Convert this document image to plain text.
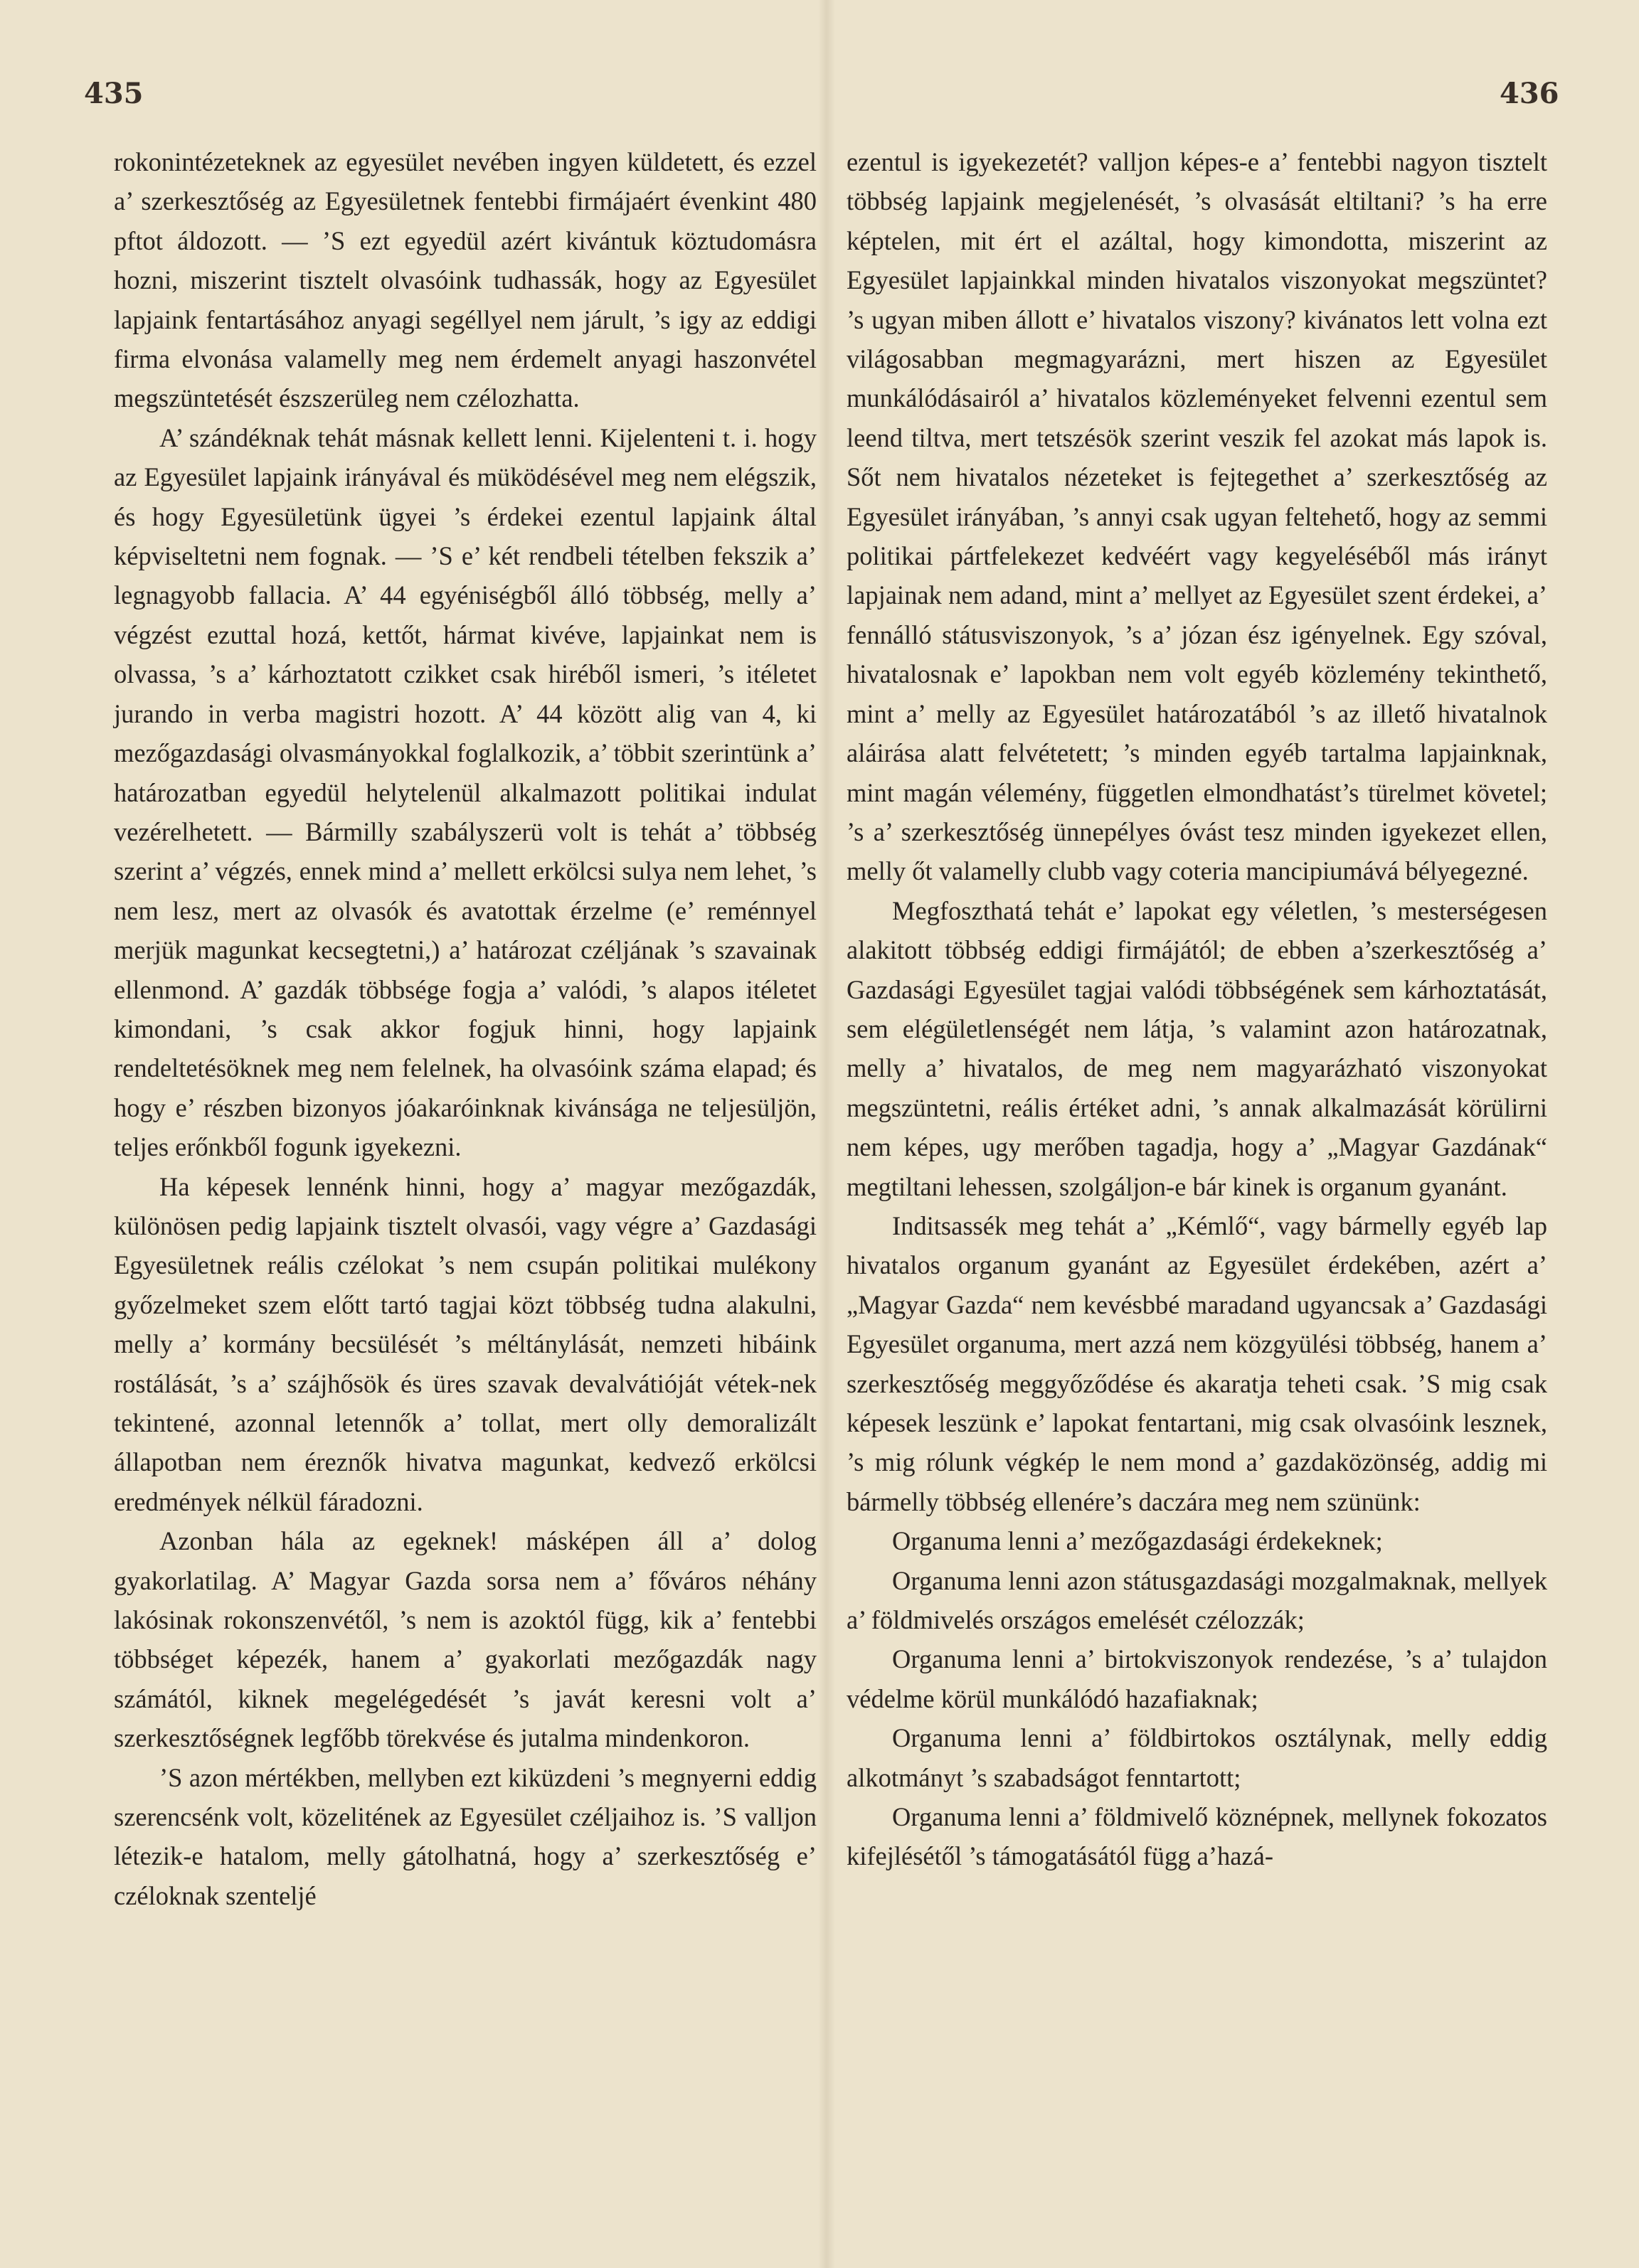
435	436

rokonintézeteknek az egyesület nevében ingyen küldetett, és ezzel a’ szerkesztőség az Egyesületnek fentebbi firmájaért évenkint 480 pftot áldozott. — ’S ezt egyedül azért kivántuk köztudomásra hozni, miszerint tisztelt olvasóink tudhassák, hogy az Egyesület lapjaink fentartásához anyagi segéllyel nem járult, ’s igy az eddigi firma elvonása valamelly meg nem érdemelt anyagi haszonvétel megszüntetését észszerüleg nem czélozhatta.

A’ szándéknak tehát másnak kellett lenni. Kijelenteni t. i. hogy az Egyesület lapjaink irányával és müködésével meg nem elégszik, és hogy Egyesületünk ügyei ’s érdekei ezentul lapjaink által képviseltetni nem fognak. — ’S e’ két rendbeli tételben fekszik a’ legnagyobb fallacia. A’ 44 egyéniségből álló többség, melly a’ végzést ezuttal hozá, kettőt, hármat kivéve, lapjainkat nem is olvassa, ’s a’ kárhoztatott czikket csak hiréből ismeri, ’s itéletet jurando in verba magistri hozott. A’ 44 között alig van 4, ki mezőgazdasági olvasmányokkal foglalkozik, a’ többit szerintünk a’ határozatban egyedül helytelenül alkalmazott politikai indulat vezérelhetett. — Bármilly szabályszerü volt is tehát a’ többség szerint a’ végzés, ennek mind a’ mellett erkölcsi sulya nem lehet, ’s nem lesz, mert az olvasók és avatottak érzelme (e’ reménnyel merjük magunkat kecsegtetni,) a’ határozat czéljának ’s szavainak ellenmond. A’ gazdák többsége fogja a’ valódi, ’s alapos itéletet kimondani, ’s csak akkor fogjuk hinni, hogy lapjaink rendeltetésöknek meg nem felelnek, ha olvasóink száma elapad; és hogy e’ részben bizonyos jóakaróinknak kivánsága ne teljesüljön, teljes erőnkből fogunk igyekezni.

Ha képesek lennénk hinni, hogy a’ magyar mezőgazdák, különösen pedig lapjaink tisztelt olvasói, vagy végre a’ Gazdasági Egyesületnek reális czélokat ’s nem csupán politikai mulékony győzelmeket szem előtt tartó tagjai közt többség tudna alakulni, melly a’ kormány becsülését ’s méltánylását, nemzeti hibáink rostálását, ’s a’ szájhősök és üres szavak devalvátióját vétek-nek tekintené, azonnal letennők a’ tollat, mert olly demoralizált állapotban nem éreznők hivatva magunkat, kedvező erkölcsi eredmények nélkül fáradozni.

Azonban hála az egeknek! másképen áll a’ dolog gyakorlatilag. A’ Magyar Gazda sorsa nem a’ főváros néhány lakósinak rokonszenvétől, ’s nem is azoktól függ, kik a’ fentebbi többséget képezék, hanem a’ gyakorlati mezőgazdák nagy számától, kiknek megelégedését ’s javát keresni volt a’ szerkesztőségnek legfőbb törekvése és jutalma mindenkoron.

’S azon mértékben, mellyben ezt kiküzdeni ’s megnyerni eddig szerencsénk volt, közelitének az Egyesület czéljaihoz is. ’S valljon létezik-e hatalom, melly gátolhatná, hogy a’ szerkesztőség e’ czéloknak szenteljé

ezentul is igyekezetét? valljon képes-e a’ fentebbi nagyon tisztelt többség lapjaink megjelenését, ’s olvasását eltiltani? ’s ha erre képtelen, mit ért el azáltal, hogy kimondotta, miszerint az Egyesület lapjainkkal minden hivatalos viszonyokat megszüntet? ’s ugyan miben állott e’ hivatalos viszony? kivánatos lett volna ezt világosabban megmagyarázni, mert hiszen az Egyesület munkálódásairól a’ hivatalos közleményeket felvenni ezentul sem leend tiltva, mert tetszésök szerint veszik fel azokat más lapok is. Sőt nem hivatalos nézeteket is fejtegethet a’ szerkesztőség az Egyesület irányában, ’s annyi csak ugyan feltehető, hogy az semmi politikai pártfelekezet kedvéért vagy kegyeléséből más irányt lapjainak nem adand, mint a’ mellyet az Egyesület szent érdekei, a’ fennálló státusviszonyok, ’s a’ józan ész igényelnek. Egy szóval, hivatalosnak e’ lapokban nem volt egyéb közlemény tekinthető, mint a’ melly az Egyesület határozatából ’s az illető hivatalnok aláirása alatt felvétetett; ’s minden egyéb tartalma lapjainknak, mint magán vélemény, független elmondhatást’s türelmet követel; ’s a’ szerkesztőség ünnepélyes óvást tesz minden igyekezet ellen, melly őt valamelly clubb vagy coteria mancipiumává bélyegezné.

Megfoszthatá tehát e’ lapokat egy véletlen, ’s mesterségesen alakitott többség eddigi firmájától; de ebben a’szerkesztőség a’ Gazdasági Egyesület tagjai valódi többségének sem kárhoztatását, sem elégületlenségét nem látja, ’s valamint azon határozatnak, melly a’ hivatalos, de meg nem magyarázható viszonyokat megszüntetni, reális értéket adni, ’s annak alkalmazását körülirni nem képes, ugy merőben tagadja, hogy a’ „Magyar Gazdának“ megtiltani lehessen, szolgáljon-e bár kinek is organum gyanánt.

Inditsassék meg tehát a’ „Kémlő“, vagy bármelly egyéb lap hivatalos organum gyanánt az Egyesület érdekében, azért a’ „Magyar Gazda“ nem kevésbbé maradand ugyancsak a’ Gazdasági Egyesület organuma, mert azzá nem közgyülési többség, hanem a’ szerkesztőség meggyőződése és akaratja teheti csak. ’S mig csak képesek leszünk e’ lapokat fentartani, mig csak olvasóink lesznek, ’s mig rólunk végkép le nem mond a’ gazdaközönség, addig mi bármelly többség ellenére’s daczára meg nem szününk:

Organuma lenni a’ mezőgazdasági érdekeknek;

Organuma lenni azon státusgazdasági mozgalmaknak, mellyek a’ földmivelés országos emelését czélozzák;

Organuma lenni a’ birtokviszonyok rendezése, ’s a’ tulajdon védelme körül munkálódó hazafiaknak;

Organuma lenni a’ földbirtokos osztálynak, melly eddig alkotmányt ’s szabadságot fenntartott;

Organuma lenni a’ földmivelő köznépnek, mellynek fokozatos kifejlésétől ’s támogatásától függ a’hazá-
